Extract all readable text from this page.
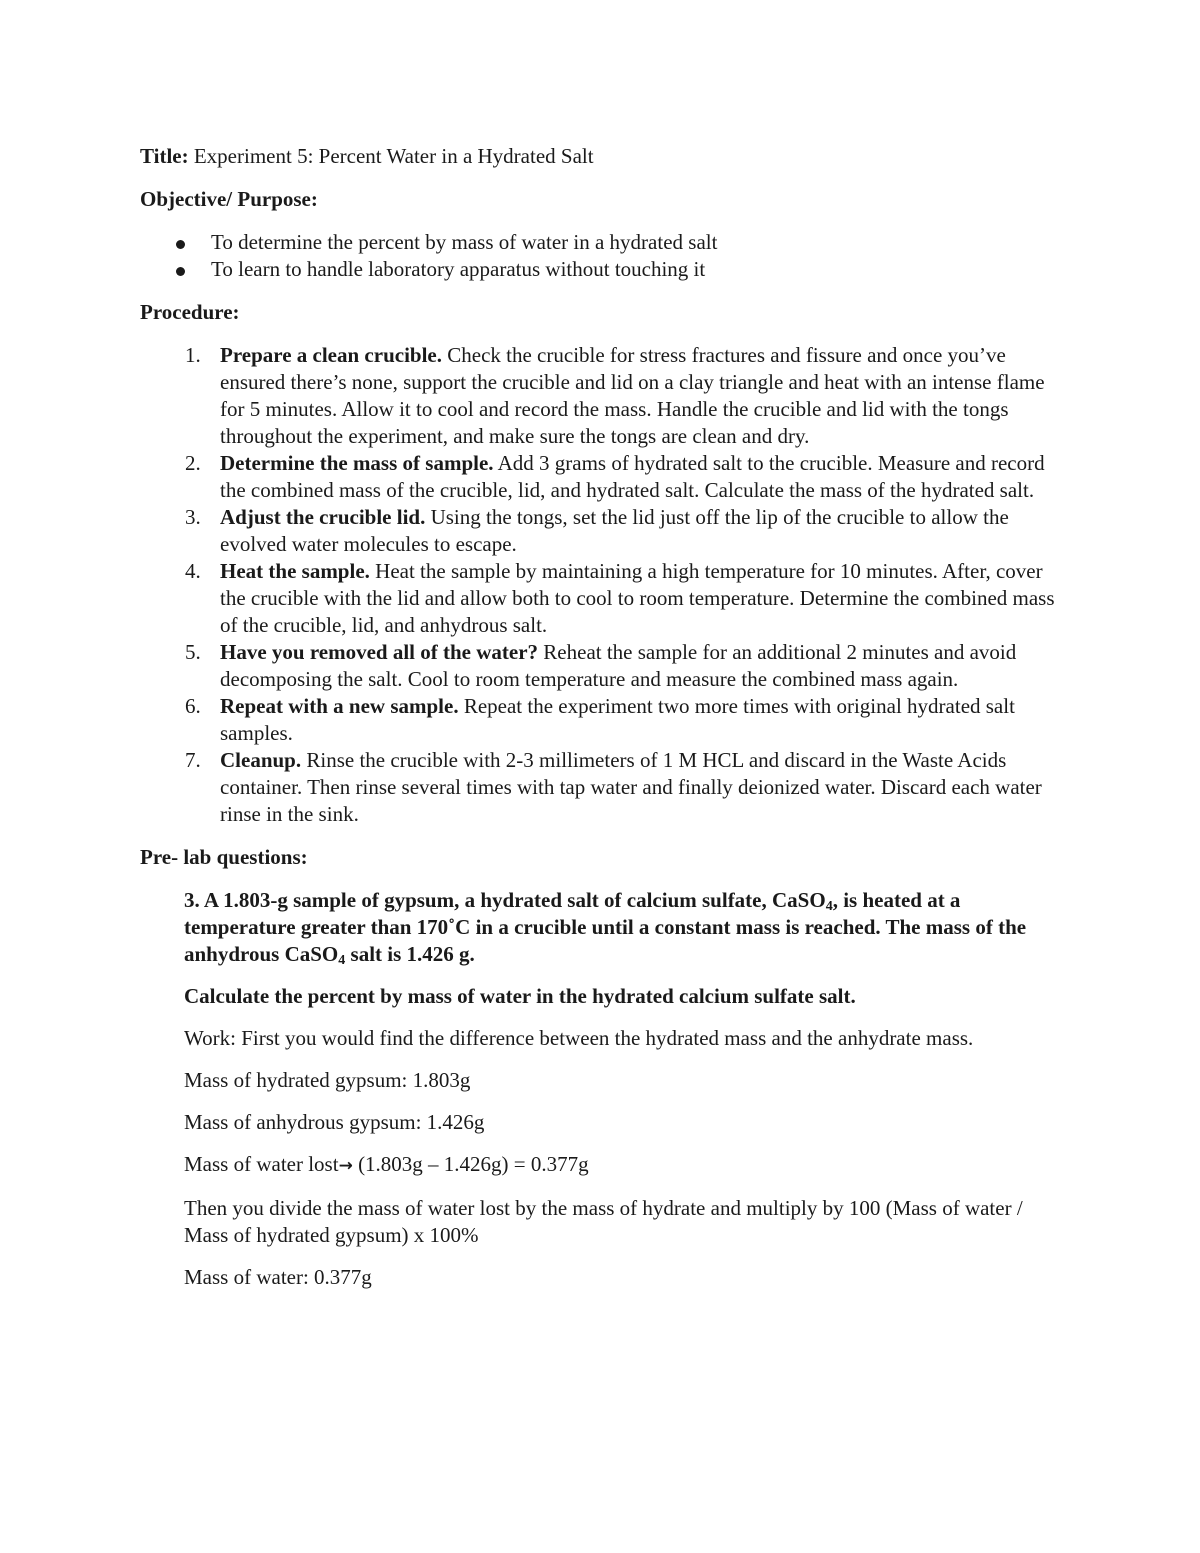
Title: Experiment 5: Percent Water in a Hydrated Salt

Objective/ Purpose:

To determine the percent by mass of water in a hydrated salt
To learn to handle laboratory apparatus without touching it

Procedure:

1. Prepare a clean crucible. Check the crucible for stress fractures and fissure and once you’ve ensured there’s none, support the crucible and lid on a clay triangle and heat with an intense flame for 5 minutes. Allow it to cool and record the mass. Handle the crucible and lid with the tongs throughout the experiment, and make sure the tongs are clean and dry.
2. Determine the mass of sample. Add 3 grams of hydrated salt to the crucible. Measure and record the combined mass of the crucible, lid, and hydrated salt. Calculate the mass of the hydrated salt.
3. Adjust the crucible lid. Using the tongs, set the lid just off the lip of the crucible to allow the evolved water molecules to escape.
4. Heat the sample. Heat the sample by maintaining a high temperature for 10 minutes. After, cover the crucible with the lid and allow both to cool to room temperature. Determine the combined mass of the crucible, lid, and anhydrous salt.
5. Have you removed all of the water? Reheat the sample for an additional 2 minutes and avoid decomposing the salt. Cool to room temperature and measure the combined mass again.
6. Repeat with a new sample. Repeat the experiment two more times with original hydrated salt samples.
7. Cleanup. Rinse the crucible with 2-3 millimeters of 1 M HCL and discard in the Waste Acids container. Then rinse several times with tap water and finally deionized water. Discard each water rinse in the sink.

Pre- lab questions:

3. A 1.803-g sample of gypsum, a hydrated salt of calcium sulfate, CaSO$_4$, is heated at a temperature greater than 170˚C in a crucible until a constant mass is reached. The mass of the anhydrous CaSO$_4$ salt is 1.426 g.

Calculate the percent by mass of water in the hydrated calcium sulfate salt.

Work: First you would find the difference between the hydrated mass and the anhydrate mass.

Mass of hydrated gypsum: 1.803g

Mass of anhydrous gypsum: 1.426g

Mass of water lost→ (1.803g – 1.426g) = 0.377g

Then you divide the mass of water lost by the mass of hydrate and multiply by 100 (Mass of water / Mass of hydrated gypsum) x 100%

Mass of water: 0.377g
